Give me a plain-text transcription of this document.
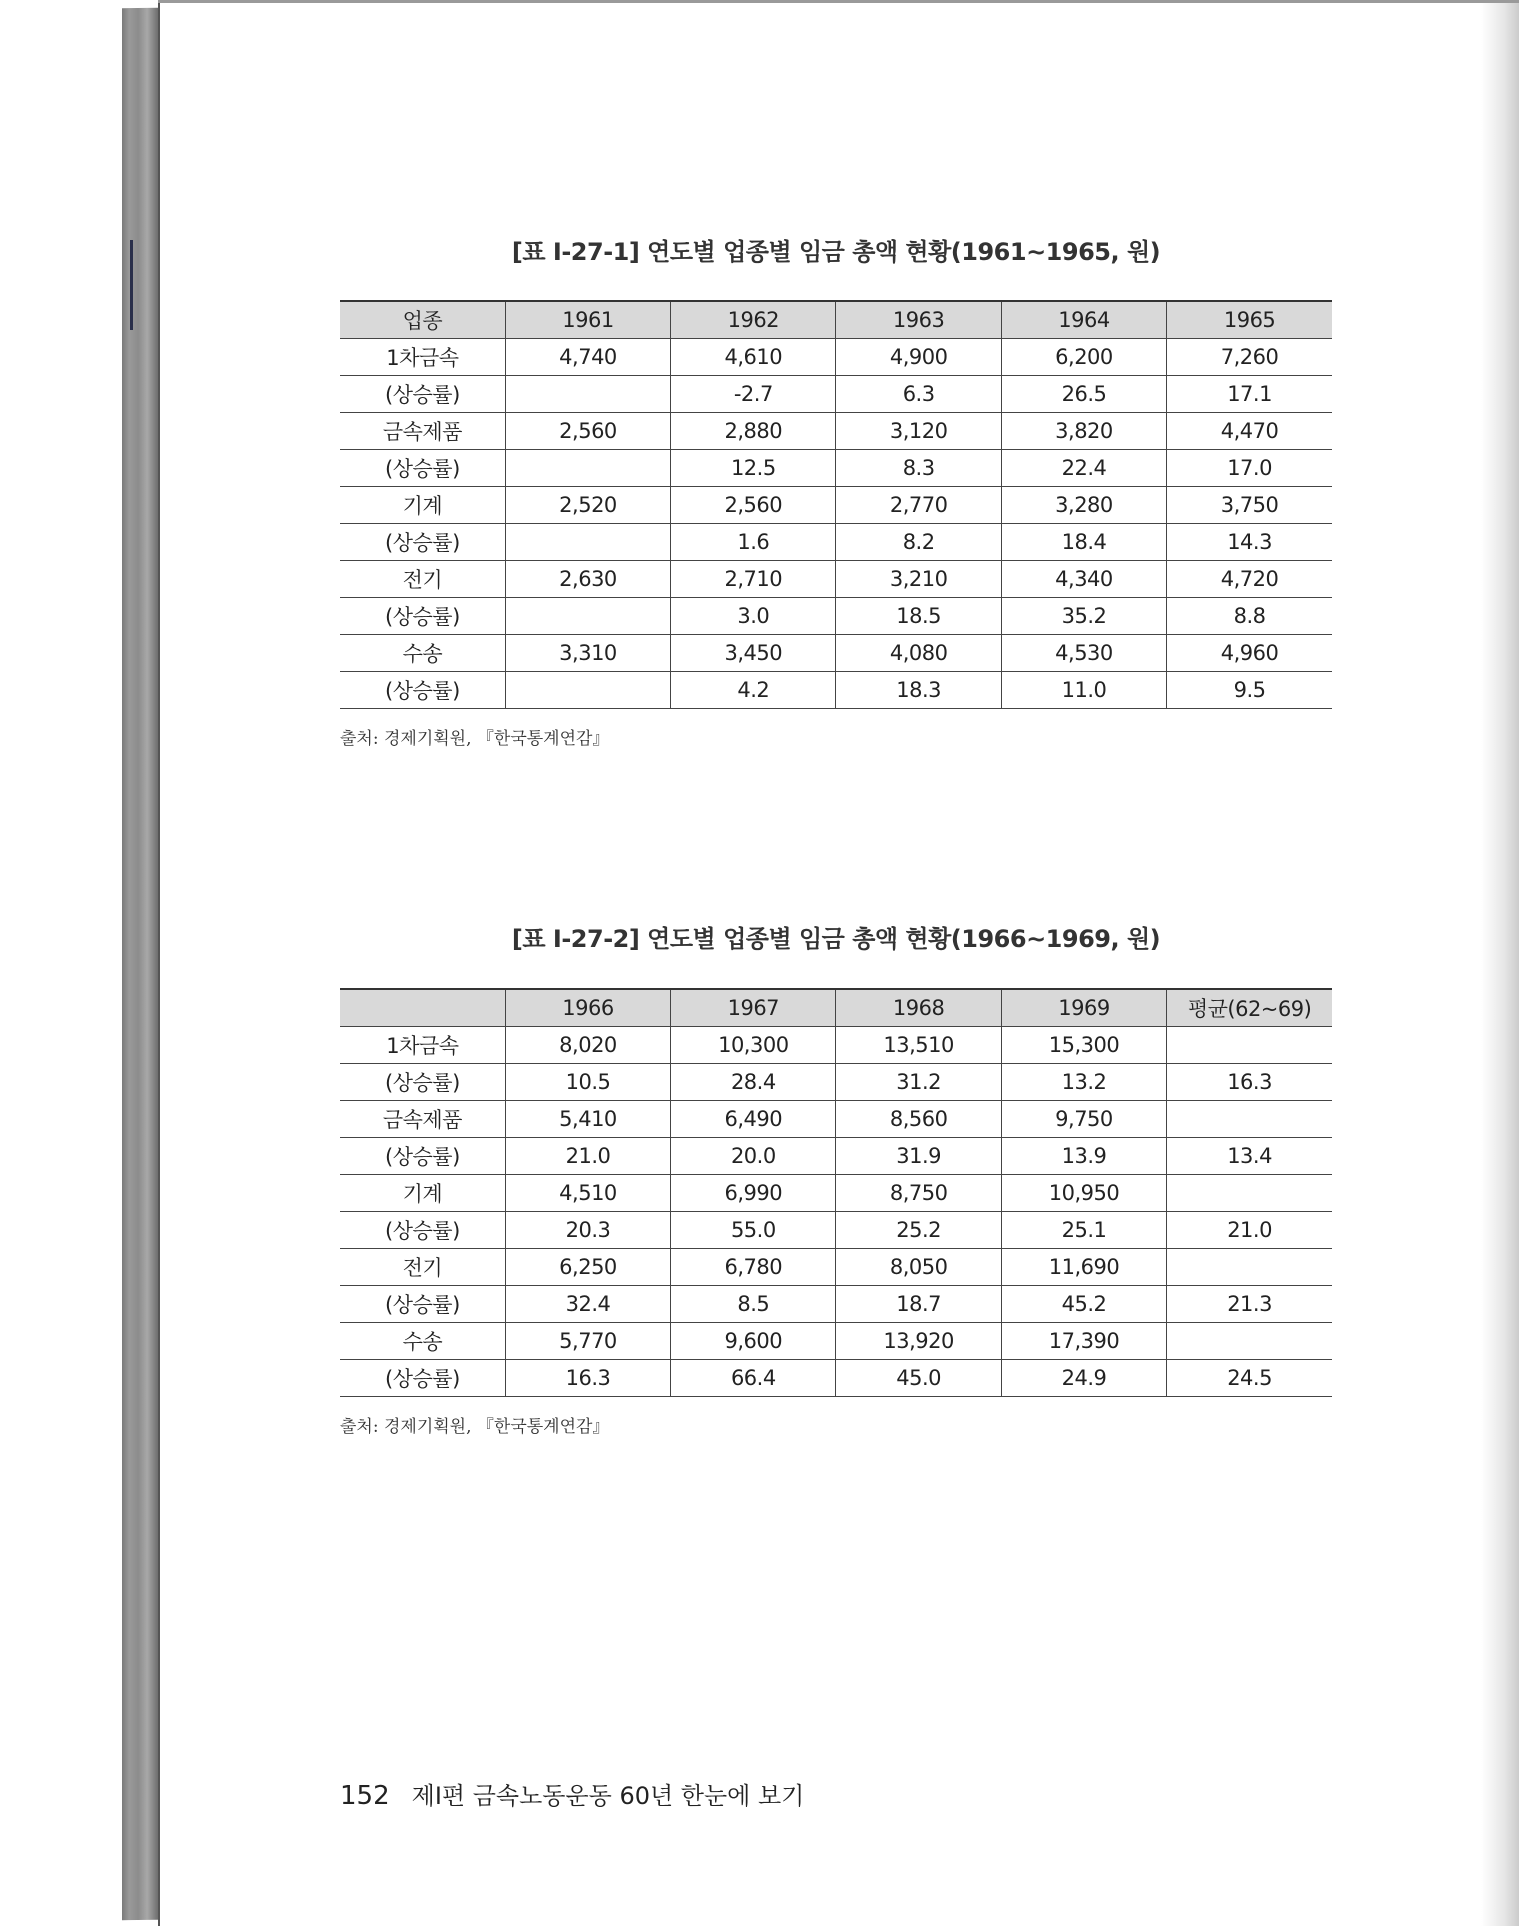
[표 Ⅰ-27-1] 연도별 업종별 임금 총액 현황(1961~1965, 원)
업종	1961	1962	1963	1964	1965
1차금속	4,740	4,610	4,900	6,200	7,260
(상승률)		-2.7	6.3	26.5	17.1
금속제품	2,560	2,880	3,120	3,820	4,470
(상승률)		12.5	8.3	22.4	17.0
기계	2,520	2,560	2,770	3,280	3,750
(상승률)		1.6	8.2	18.4	14.3
전기	2,630	2,710	3,210	4,340	4,720
(상승률)		3.0	18.5	35.2	8.8
수송	3,310	3,450	4,080	4,530	4,960
(상승률)		4.2	18.3	11.0	9.5
출처: 경제기획원, 『한국통계연감』
[표 Ⅰ-27-2] 연도별 업종별 임금 총액 현황(1966~1969, 원)
	1966	1967	1968	1969	평균(62~69)
1차금속	8,020	10,300	13,510	15,300	
(상승률)	10.5	28.4	31.2	13.2	16.3
금속제품	5,410	6,490	8,560	9,750	
(상승률)	21.0	20.0	31.9	13.9	13.4
기계	4,510	6,990	8,750	10,950	
(상승률)	20.3	55.0	25.2	25.1	21.0
전기	6,250	6,780	8,050	11,690	
(상승률)	32.4	8.5	18.7	45.2	21.3
수송	5,770	9,600	13,920	17,390	
(상승률)	16.3	66.4	45.0	24.9	24.5
출처: 경제기획원, 『한국통계연감』
152 제Ⅰ편 금속노동운동 60년 한눈에 보기
